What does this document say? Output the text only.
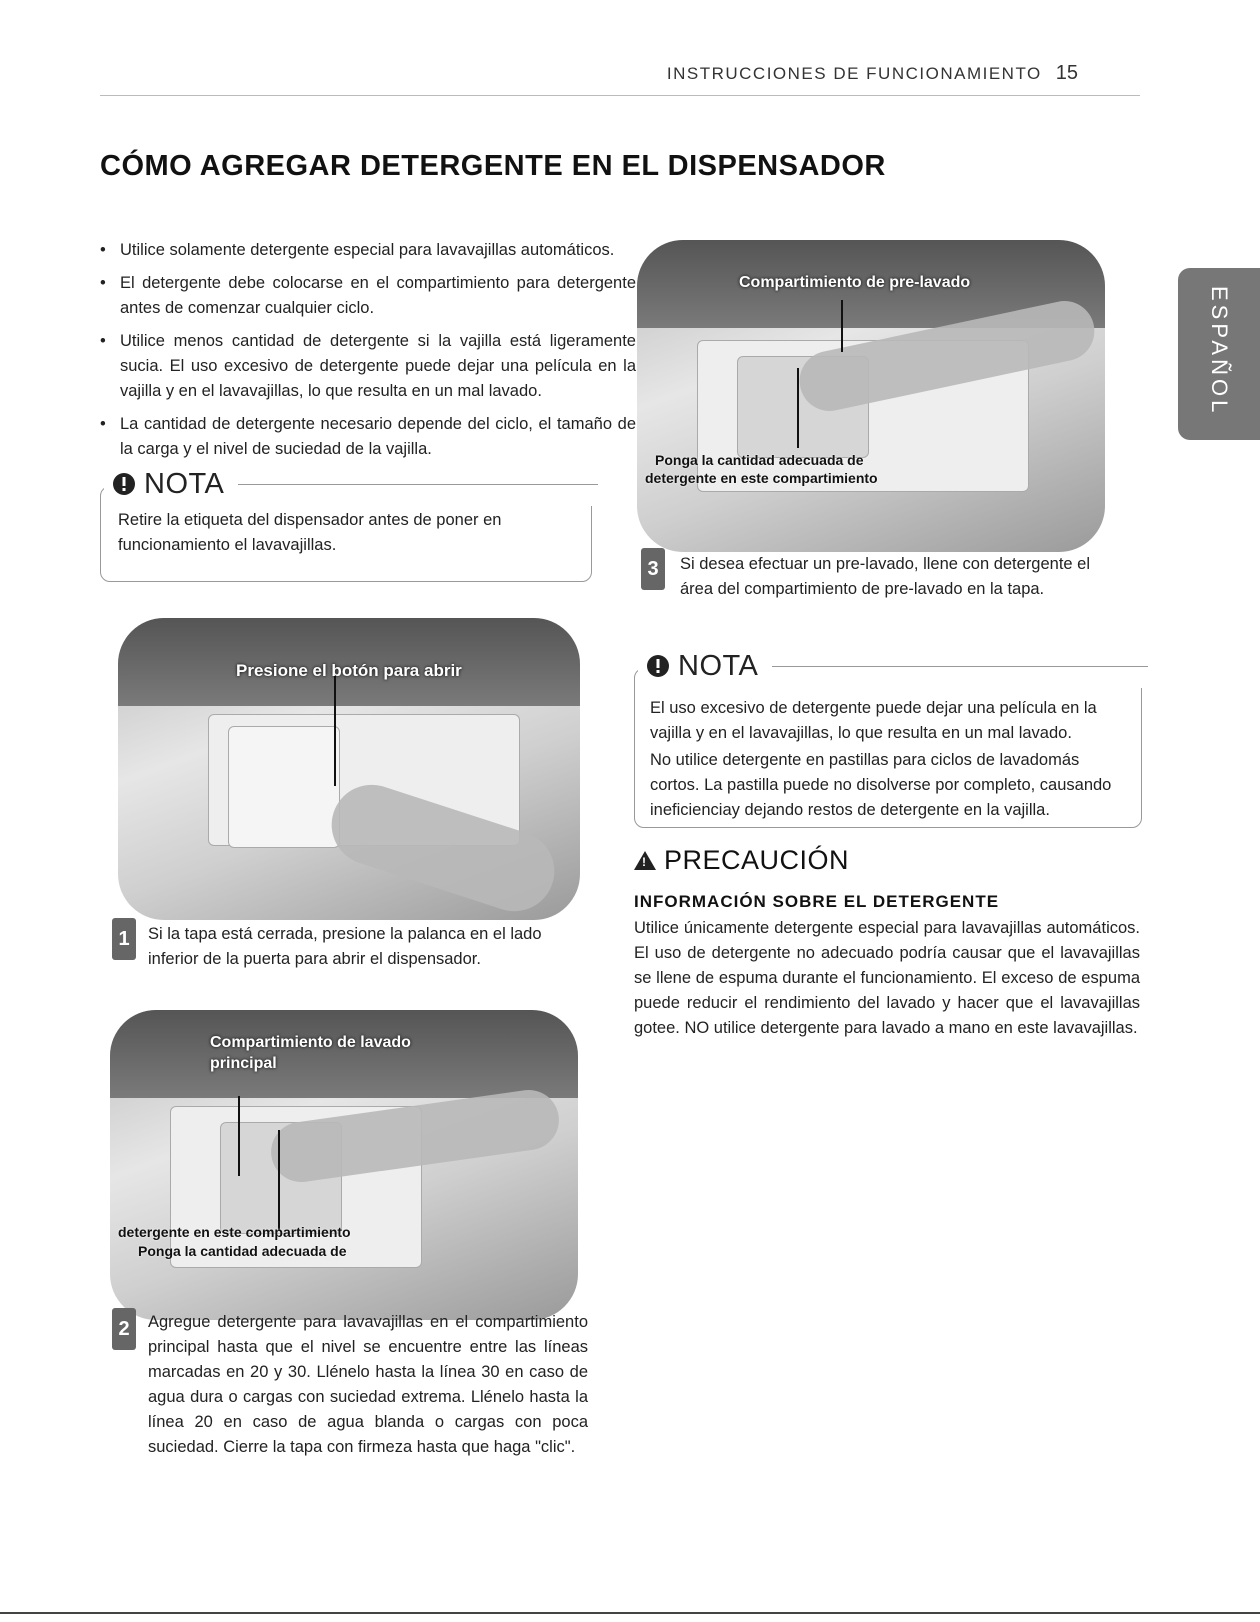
INSTRUCCIONES DE FUNCIONAMIENTO 15
CÓMO AGREGAR DETERGENTE EN EL DISPENSADOR
ESPAÑOL
• Utilice solamente detergente especial para lavavajillas automáticos.
• El detergente debe colocarse en el compartimiento para detergente antes de comenzar cualquier ciclo.
• Utilice menos cantidad de detergente si la vajilla está ligeramente sucia. El uso excesivo de detergente puede dejar una película en la vajilla y en el lavavajillas, lo que resulta en un mal lavado.
• La cantidad de detergente necesario depende del ciclo, el tamaño de la carga y el nivel de suciedad de la vajilla.
NOTA
Retire la etiqueta del dispensador antes de poner en funcionamiento el lavavajillas.
Presione el botón para abrir
1	Si la tapa está cerrada, presione la palanca en el lado inferior de la puerta para abrir el dispensador.
Compartimiento de lavado principal
detergente en este compartimiento
Ponga la cantidad adecuada de
2	Agregue detergente para lavavajillas en el compartimiento principal hasta que el nivel se encuentre entre las líneas marcadas en 20 y 30. Llénelo hasta la línea 30 en caso de agua dura o cargas con suciedad extrema. Llénelo hasta la línea 20 en caso de agua blanda o cargas con poca suciedad. Cierre la tapa con firmeza hasta que haga "clic".
Compartimiento de pre-lavado
Ponga la cantidad adecuada de
detergente en este compartimiento
3	Si desea efectuar un pre-lavado, llene con detergente el área del compartimiento de pre-lavado en la tapa.
NOTA
El uso excesivo de detergente puede dejar una película en la vajilla y en el lavavajillas, lo que resulta en un mal lavado.
No utilice detergente en pastillas para ciclos de lavadomás cortos. La pastilla puede no disolverse por completo, causando ineficienciay dejando restos de detergente en la vajilla.
!
PRECAUCIÓN
INFORMACIÓN SOBRE EL DETERGENTE
Utilice únicamente detergente especial para lavavajillas automáticos. El uso de detergente no adecuado podría causar que el lavavajillas se llene de espuma durante el funcionamiento. El exceso de espuma puede reducir el rendimiento del lavado y hacer que el lavavajillas gotee. NO utilice detergente para lavado a mano en este lavavajillas.
